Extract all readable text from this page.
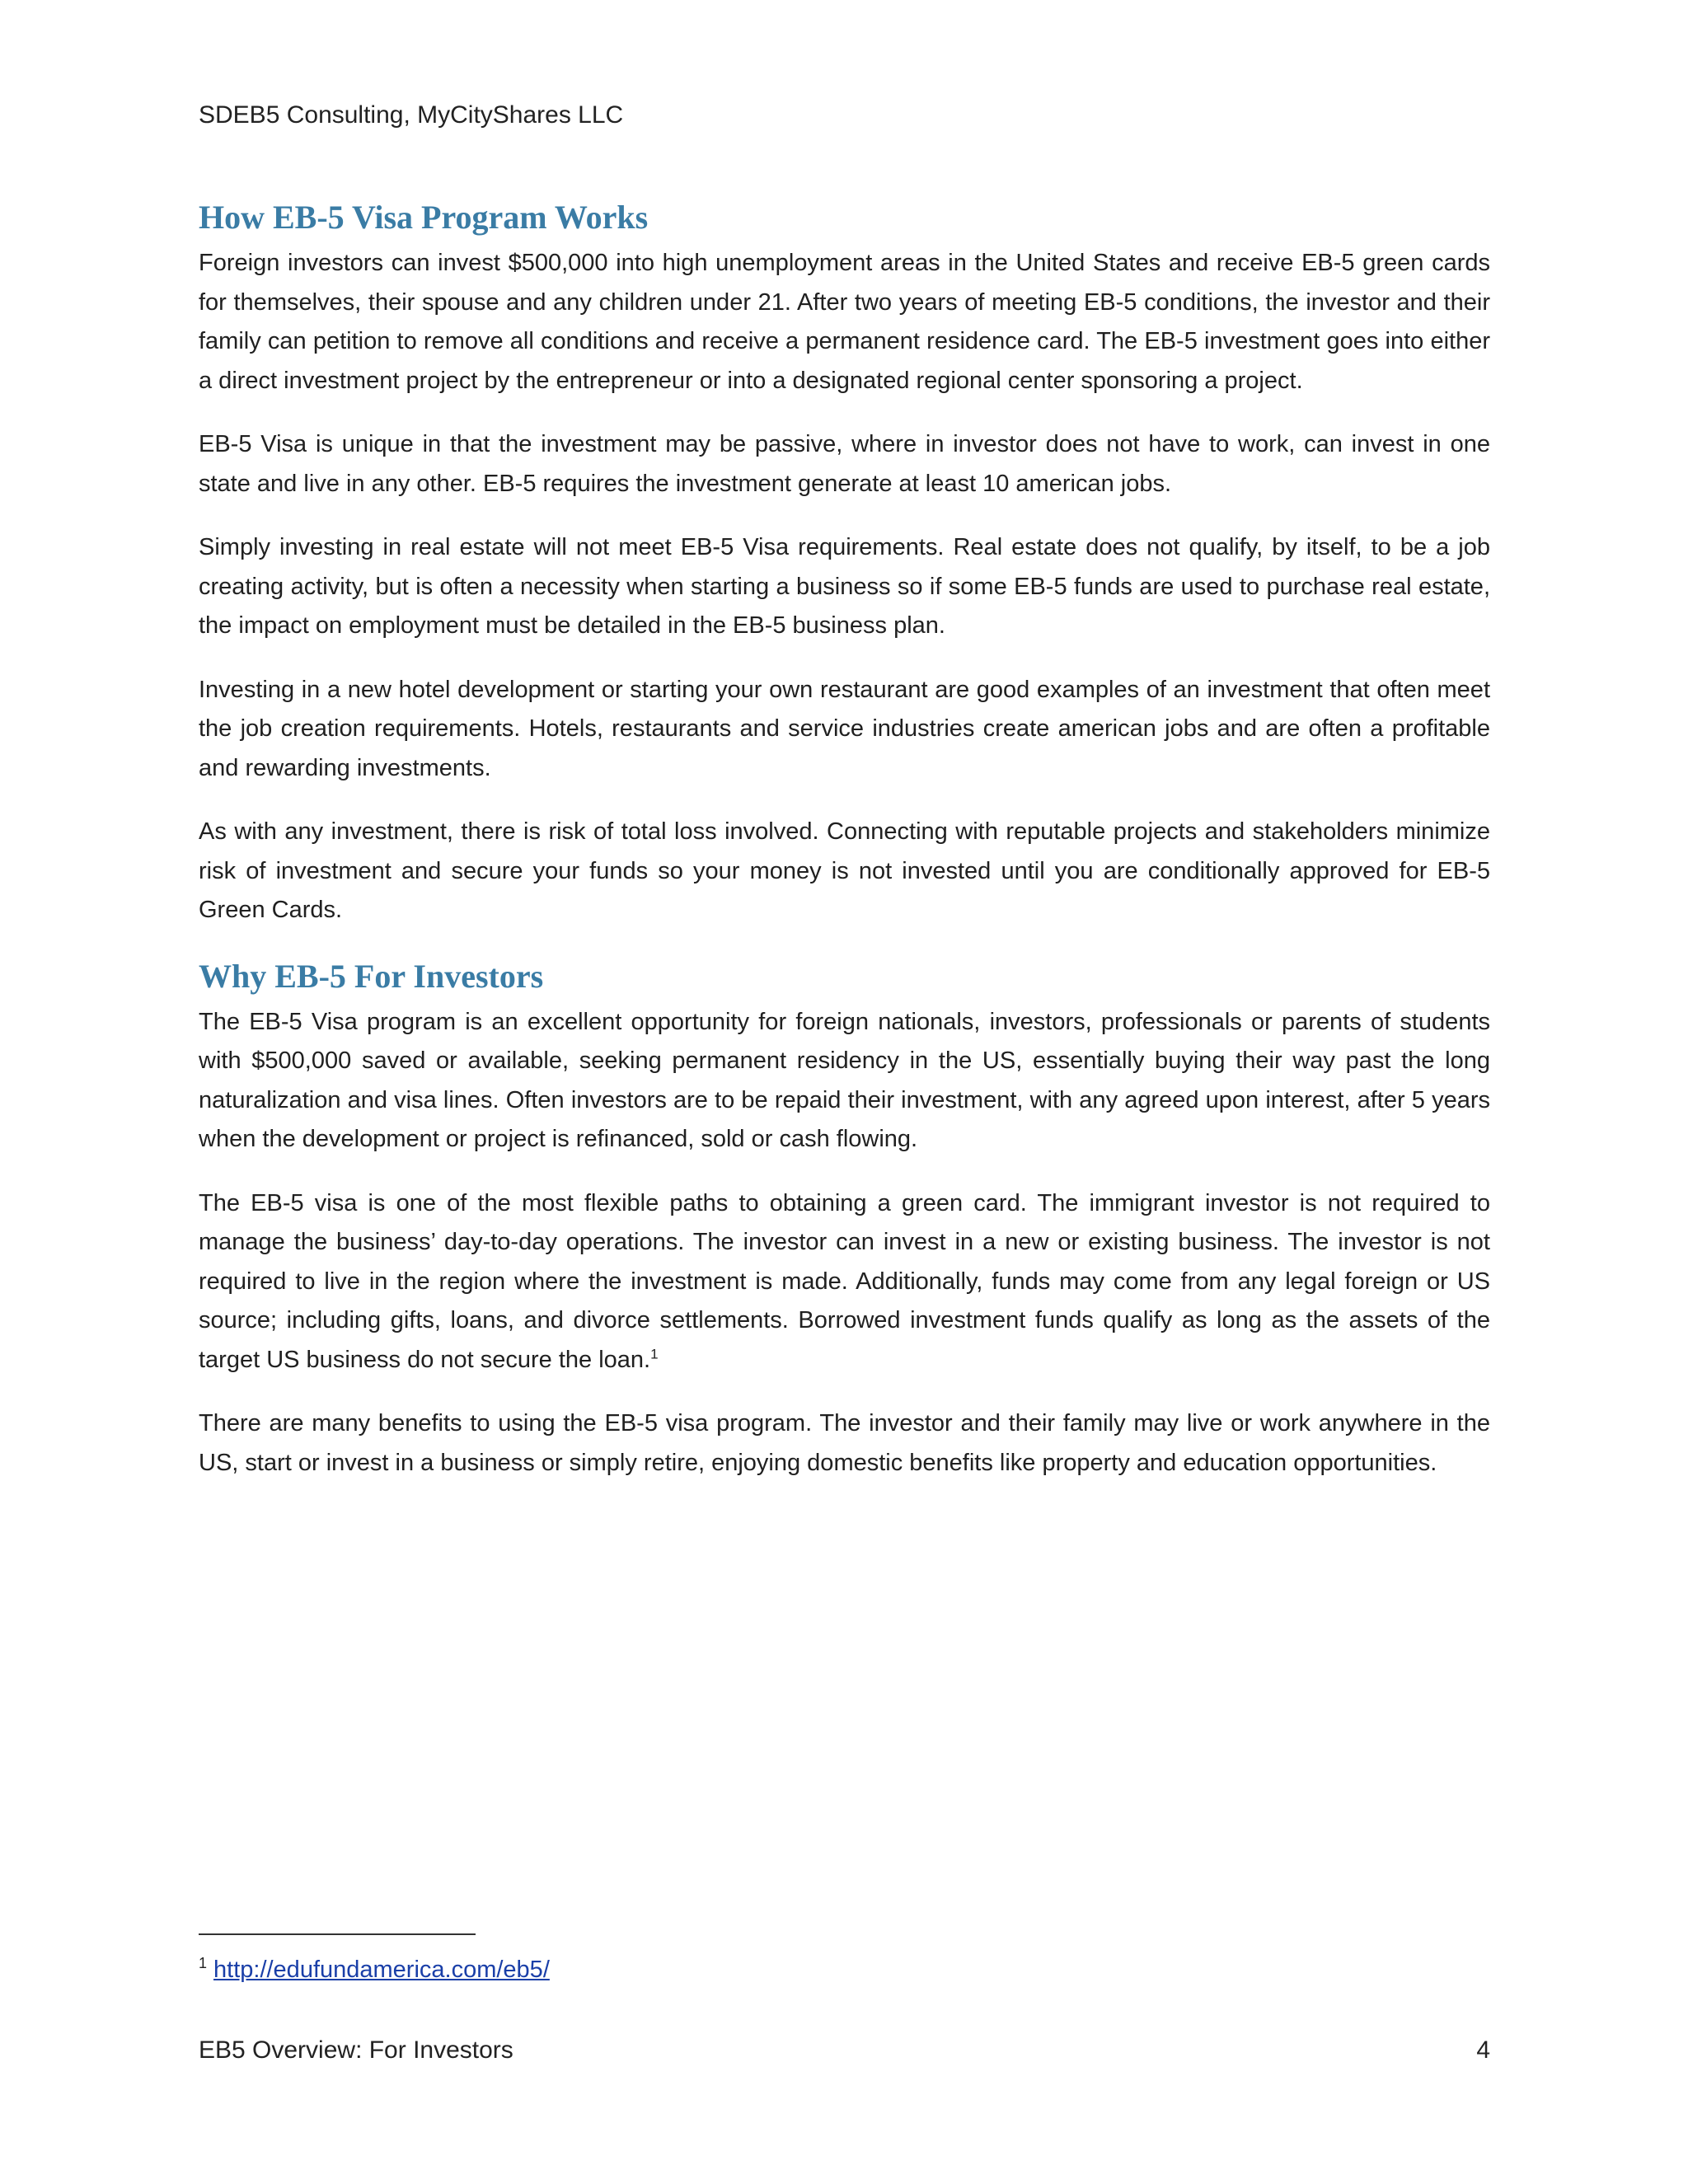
SDEB5 Consulting, MyCityShares LLC
How EB-5 Visa Program Works

Foreign investors can invest $500,000 into high unemployment areas in the United States and receive EB-5 green cards for themselves, their spouse and any children under 21. After two years of meeting EB-5 conditions, the investor and their family can petition to remove all conditions and receive a permanent residence card. The EB-5 investment goes into either a direct investment project by the entrepreneur or into a designated regional center sponsoring a project.

EB-5 Visa is unique in that the investment may be passive, where in investor does not have to work, can invest in one state and live in any other. EB-5 requires the investment generate at least 10 american jobs.

Simply investing in real estate will not meet EB-5 Visa requirements. Real estate does not qualify, by itself, to be a job creating activity, but is often a necessity when starting a business so if some EB-5 funds are used to purchase real estate, the impact on employment must be detailed in the EB-5 business plan.

Investing in a new hotel development or starting your own restaurant are good examples of an investment that often meet the job creation requirements. Hotels, restaurants and service industries create american jobs and are often a profitable and rewarding investments.

As with any investment, there is risk of total loss involved. Connecting with reputable projects and stakeholders minimize risk of investment and secure your funds so your money is not invested until you are conditionally approved for EB-5 Green Cards.

Why EB-5 For Investors

The EB-5 Visa program is an excellent opportunity for foreign nationals, investors, professionals or parents of students with $500,000 saved or available, seeking permanent residency in the US, essentially buying their way past the long naturalization and visa lines. Often investors are to be repaid their investment, with any agreed upon interest, after 5 years when the development or project is refinanced, sold or cash flowing.

The EB-5 visa is one of the most flexible paths to obtaining a green card. The immigrant investor is not required to manage the business’ day-to-day operations. The investor can invest in a new or existing business. The investor is not required to live in the region where the investment is made. Additionally, funds may come from any legal foreign or US source; including gifts, loans, and divorce settlements. Borrowed investment funds qualify as long as the assets of the target US business do not secure the loan.$^1$

There are many benefits to using the EB-5 visa program. The investor and their family may live or work anywhere in the US, start or invest in a business or simply retire, enjoying domestic benefits like property and education opportunities.

$^1$ http://edufundamerica.com/eb5/
EB5 Overview: For Investors	4
